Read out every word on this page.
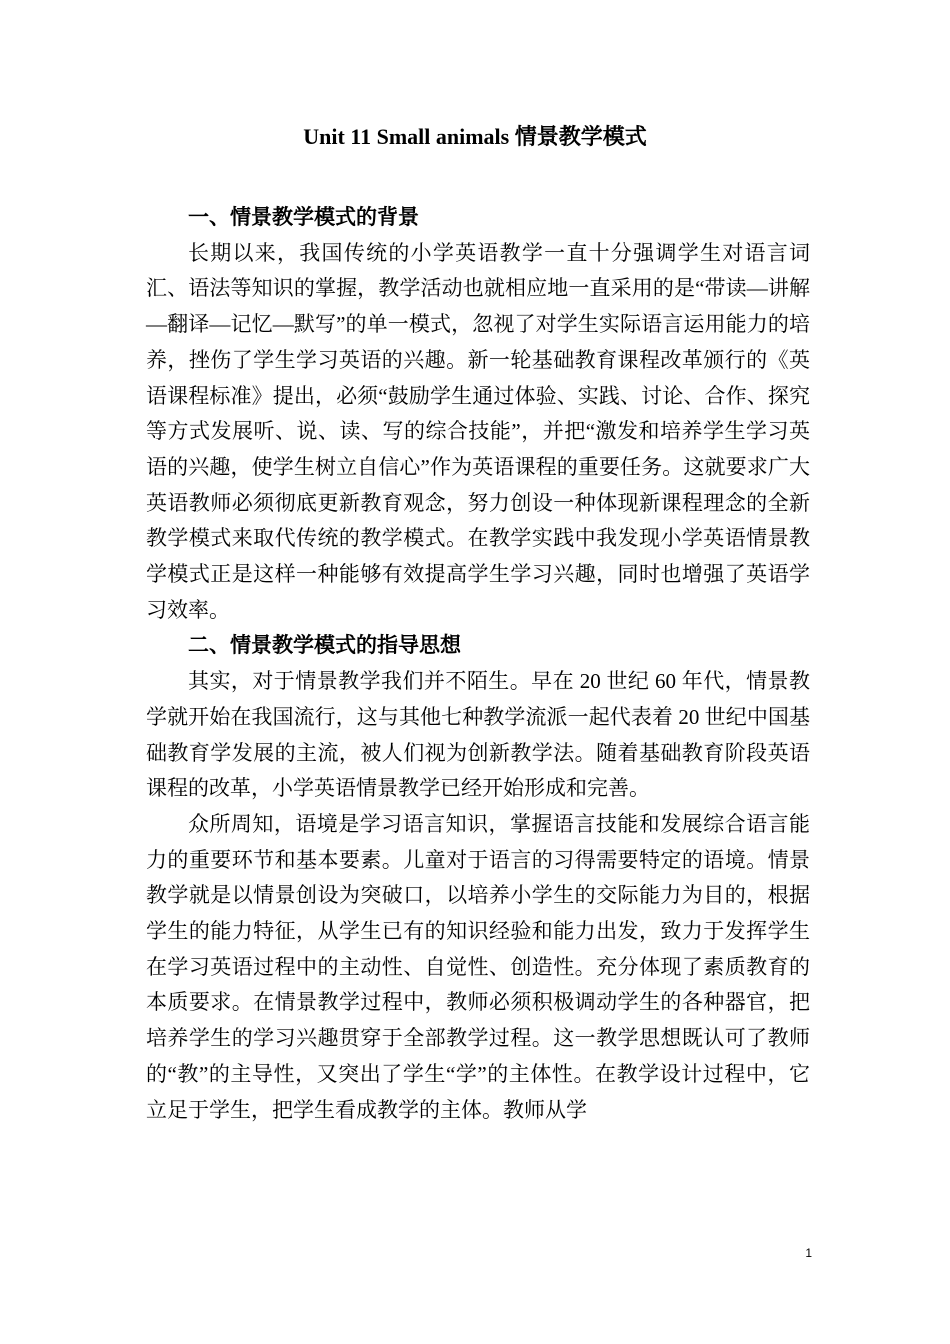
Unit 11 Small animals 情景教学模式
一、情景教学模式的背景

长期以来，我国传统的小学英语教学一直十分强调学生对语言词汇、语法等知识的掌握，教学活动也就相应地一直采用的是“带读—讲解—翻译—记忆—默写”的单一模式，忽视了对学生实际语言运用能力的培养，挫伤了学生学习英语的兴趣。新一轮基础教育课程改革颁行的《英语课程标准》提出，必须“鼓励学生通过体验、实践、讨论、合作、探究等方式发展听、说、读、写的综合技能”，并把“激发和培养学生学习英语的兴趣，使学生树立自信心”作为英语课程的重要任务。这就要求广大英语教师必须彻底更新教育观念，努力创设一种体现新课程理念的全新教学模式来取代传统的教学模式。在教学实践中我发现小学英语情景教学模式正是这样一种能够有效提高学生学习兴趣，同时也增强了英语学习效率。

二、情景教学模式的指导思想

其实，对于情景教学我们并不陌生。早在 20 世纪 60 年代，情景教学就开始在我国流行，这与其他七种教学流派一起代表着 20 世纪中国基础教育学发展的主流，被人们视为创新教学法。随着基础教育阶段英语课程的改革，小学英语情景教学已经开始形成和完善。

众所周知，语境是学习语言知识，掌握语言技能和发展综合语言能力的重要环节和基本要素。儿童对于语言的习得需要特定的语境。情景教学就是以情景创设为突破口，以培养小学生的交际能力为目的，根据学生的能力特征，从学生已有的知识经验和能力出发，致力于发挥学生在学习英语过程中的主动性、自觉性、创造性。充分体现了素质教育的本质要求。在情景教学过程中，教师必须积极调动学生的各种器官，把培养学生的学习兴趣贯穿于全部教学过程。这一教学思想既认可了教师的“教”的主导性，又突出了学生“学”的主体性。在教学设计过程中，它立足于学生，把学生看成教学的主体。教师从学

1
